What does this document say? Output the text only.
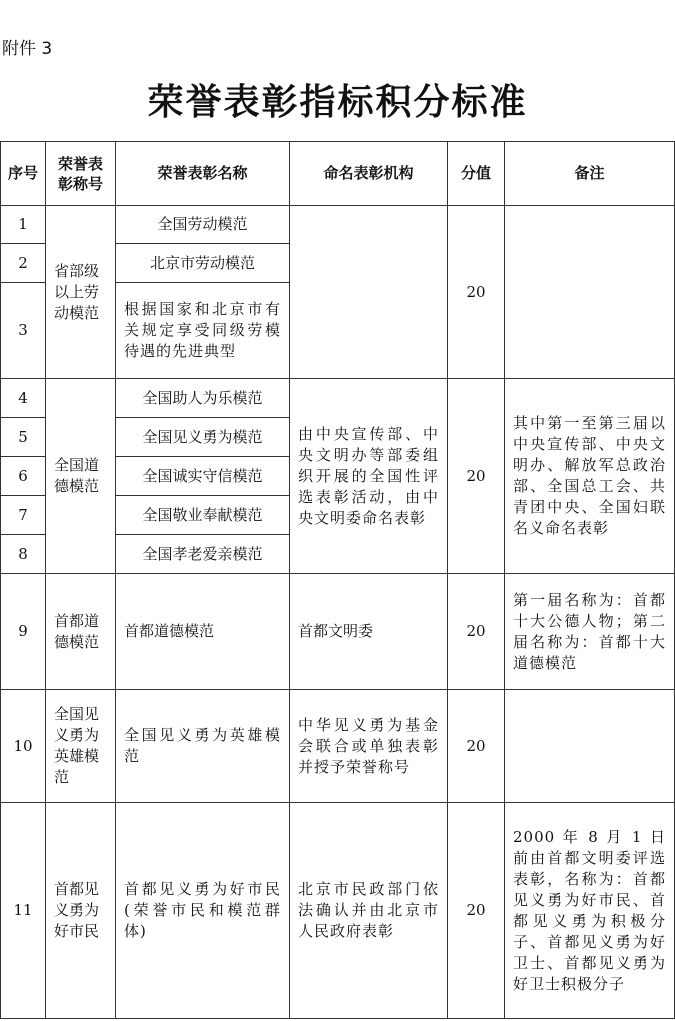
附件 3
荣誉表彰指标积分标准
序号	荣誉表彰称号	荣誉表彰名称	命名表彰机构	分值	备注
1	省部级以上劳动模范	全国劳动模范		20	
2		北京市劳动模范			
3		根据国家和北京市有关规定享受同级劳模待遇的先进典型			
4	全国道德模范	全国助人为乐模范	由中央宣传部、中央文明办等部委组织开展的全国性评选表彰活动，由中央文明委命名表彰	20	其中第一至第三届以中央宣传部、中央文明办、解放军总政治部、全国总工会、共青团中央、全国妇联名义命名表彰
5		全国见义勇为模范			
6		全国诚实守信模范			
7		全国敬业奉献模范			
8		全国孝老爱亲模范			
9	首都道德模范	首都道德模范	首都文明委	20	第一届名称为：首都十大公德人物；第二届名称为：首都十大道德模范
10	全国见义勇为英雄模范	全国见义勇为英雄模范	中华见义勇为基金会联合或单独表彰并授予荣誉称号	20	
11	首都见义勇为好市民	首都见义勇为好市民(荣誉市民和模范群体)	北京市民政部门依法确认并由北京市人民政府表彰	20	2000 年 8 月 1 日前由首都文明委评选表彰，名称为：首都见义勇为好市民、首都见义勇为积极分子、首都见义勇为好卫士、首都见义勇为好卫士积极分子
